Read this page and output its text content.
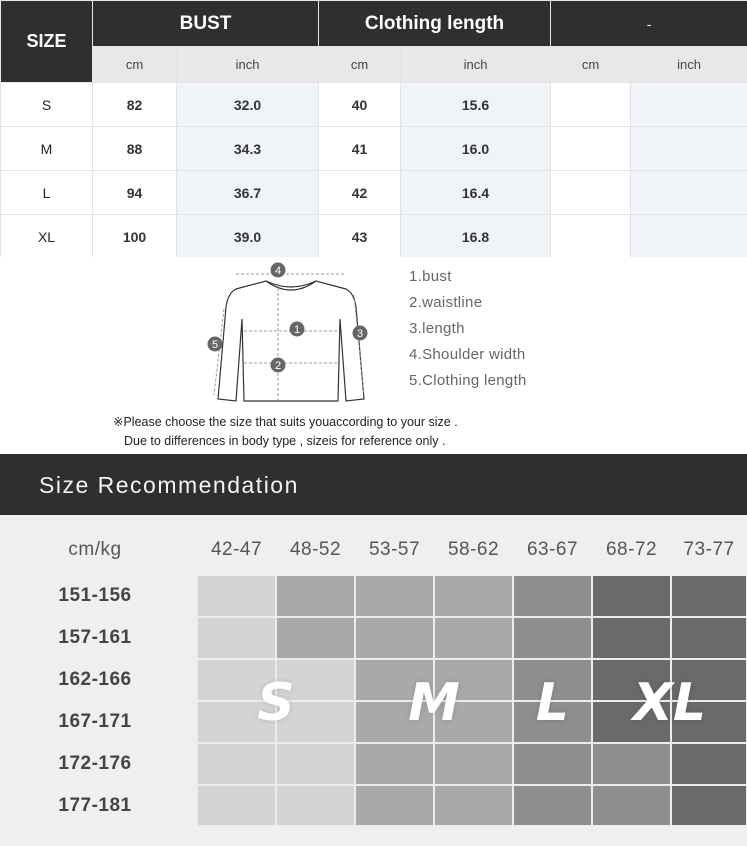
SIZE	BUST		Clothing length		-	
	cm	inch	cm	inch	cm	inch
S	82	32.0	40	15.6		
M	88	34.3	41	16.0		
L	94	36.7	42	16.4		
XL	100	39.0	43	16.8		
4
1
2
3
5
1.bust
2.waistline
3.length
4.Shoulder width
5.Clothing length
※Please choose the size that suits youaccording to your size .
Due to differences in body type , sizeis for reference only .
Size Recommendation
cm/kg	42-47	48-52	53-57	58-62	63-67	68-72	73-77
151-156
157-161
162-166
167-171
172-176
177-181
S	M	L	XL
